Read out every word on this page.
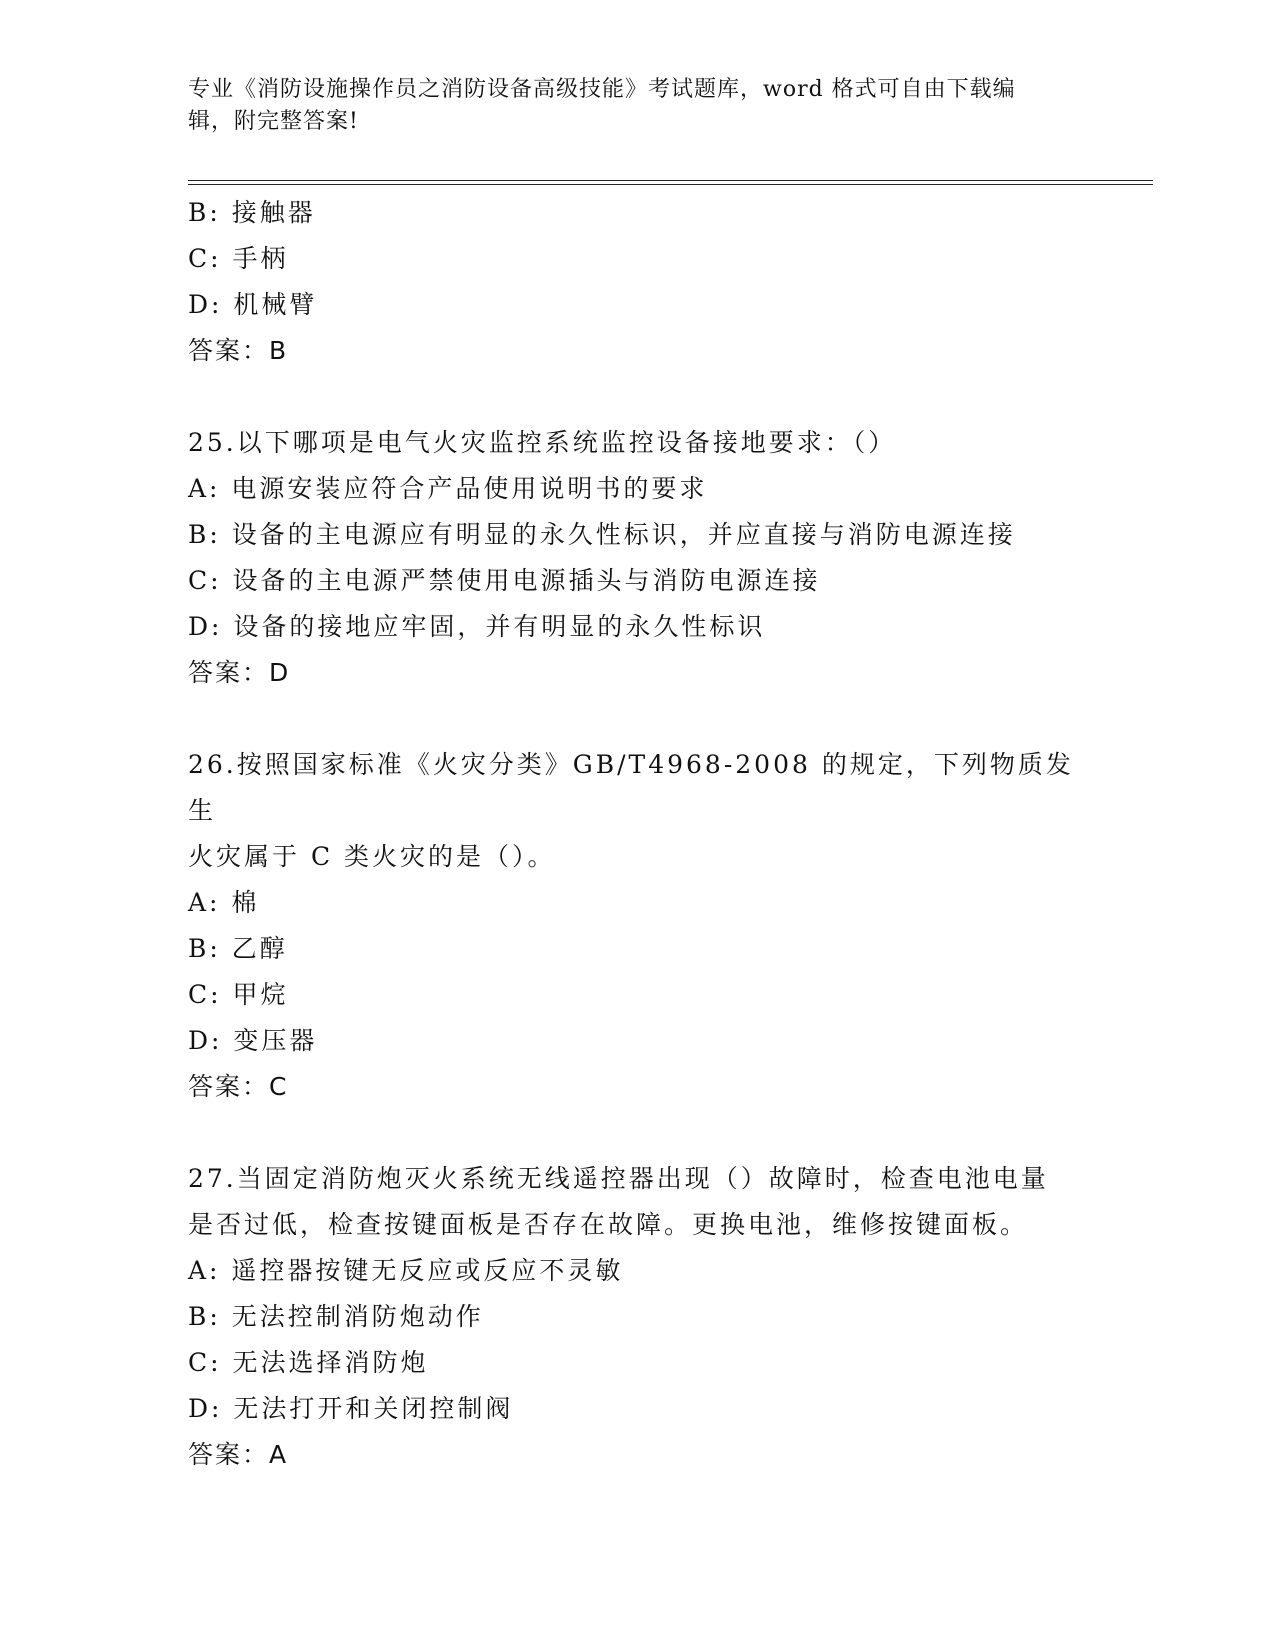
专业《消防设施操作员之消防设备高级技能》考试题库，word 格式可自由下载编
辑，附完整答案!
B: 接触器
C: 手柄
D: 机械臂
答案：B
25.以下哪项是电气火灾监控系统监控设备接地要求：（）
A: 电源安装应符合产品使用说明书的要求
B: 设备的主电源应有明显的永久性标识，并应直接与消防电源连接
C: 设备的主电源严禁使用电源插头与消防电源连接
D: 设备的接地应牢固，并有明显的永久性标识
答案：D
26.按照国家标准《火灾分类》GB/T4968-2008 的规定，下列物质发生
火灾属于 C 类火灾的是（）。
A: 棉
B: 乙醇
C: 甲烷
D: 变压器
答案：C
27.当固定消防炮灭火系统无线遥控器出现（）故障时，检查电池电量
是否过低，检查按键面板是否存在故障。更换电池，维修按键面板。
A: 遥控器按键无反应或反应不灵敏
B: 无法控制消防炮动作
C: 无法选择消防炮
D: 无法打开和关闭控制阀
答案：A
